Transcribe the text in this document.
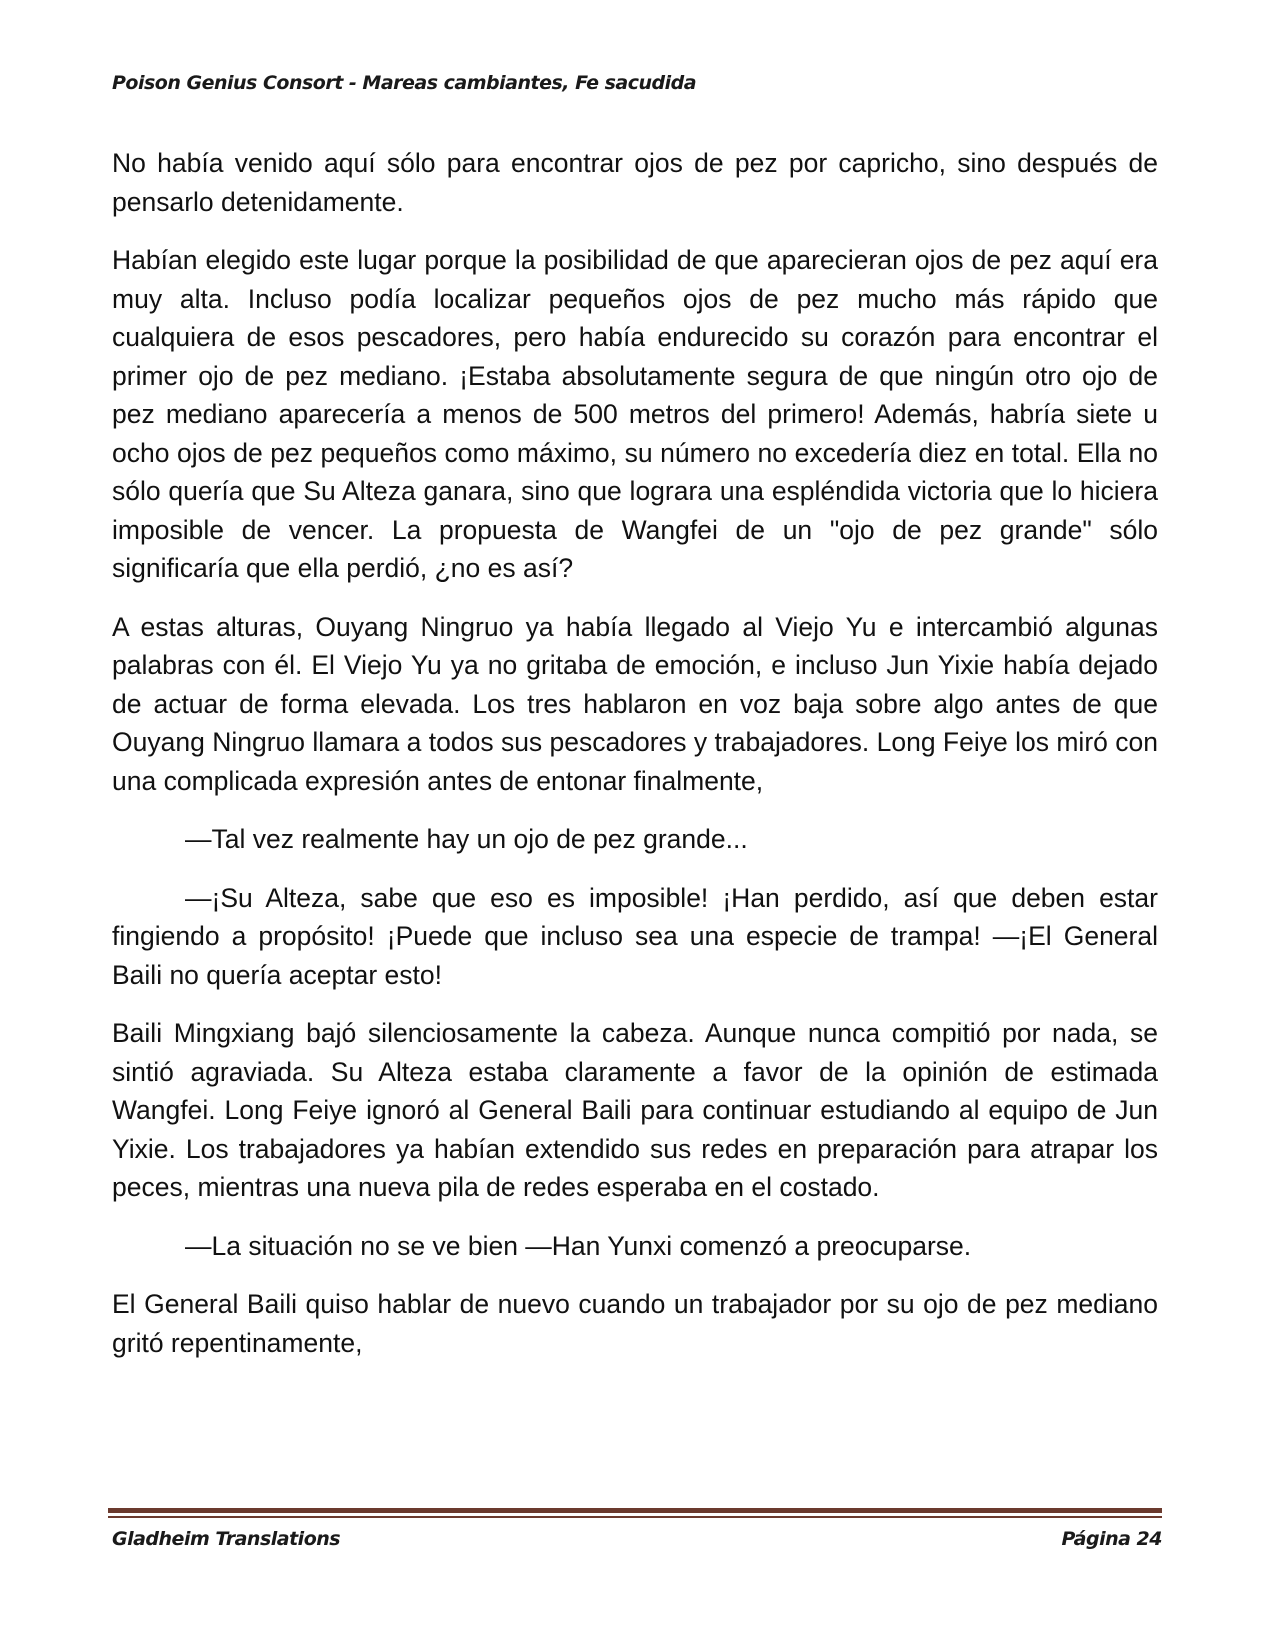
Poison Genius Consort - Mareas cambiantes, Fe sacudida

No había venido aquí sólo para encontrar ojos de pez por capricho, sino después de pensarlo detenidamente.

Habían elegido este lugar porque la posibilidad de que aparecieran ojos de pez aquí era muy alta. Incluso podía localizar pequeños ojos de pez mucho más rápido que cualquiera de esos pescadores, pero había endurecido su corazón para encontrar el primer ojo de pez mediano. ¡Estaba absolutamente segura de que ningún otro ojo de pez mediano aparecería a menos de 500 metros del primero! Además, habría siete u ocho ojos de pez pequeños como máximo, su número no excedería diez en total. Ella no sólo quería que Su Alteza ganara, sino que lograra una espléndida victoria que lo hiciera imposible de vencer. La propuesta de Wangfei de un "ojo de pez grande" sólo significaría que ella perdió, ¿no es así?

A estas alturas, Ouyang Ningruo ya había llegado al Viejo Yu e intercambió algunas palabras con él. El Viejo Yu ya no gritaba de emoción, e incluso Jun Yixie había dejado de actuar de forma elevada. Los tres hablaron en voz baja sobre algo antes de que Ouyang Ningruo llamara a todos sus pescadores y trabajadores. Long Feiye los miró con una complicada expresión antes de entonar finalmente,

—Tal vez realmente hay un ojo de pez grande...

—¡Su Alteza, sabe que eso es imposible! ¡Han perdido, así que deben estar fingiendo a propósito! ¡Puede que incluso sea una especie de trampa! —¡El General Baili no quería aceptar esto!

Baili Mingxiang bajó silenciosamente la cabeza. Aunque nunca compitió por nada, se sintió agraviada. Su Alteza estaba claramente a favor de la opinión de estimada Wangfei. Long Feiye ignoró al General Baili para continuar estudiando al equipo de Jun Yixie. Los trabajadores ya habían extendido sus redes en preparación para atrapar los peces, mientras una nueva pila de redes esperaba en el costado.

—La situación no se ve bien —Han Yunxi comenzó a preocuparse.

El General Baili quiso hablar de nuevo cuando un trabajador por su ojo de pez mediano gritó repentinamente,

Gladheim Translations	Página 24
